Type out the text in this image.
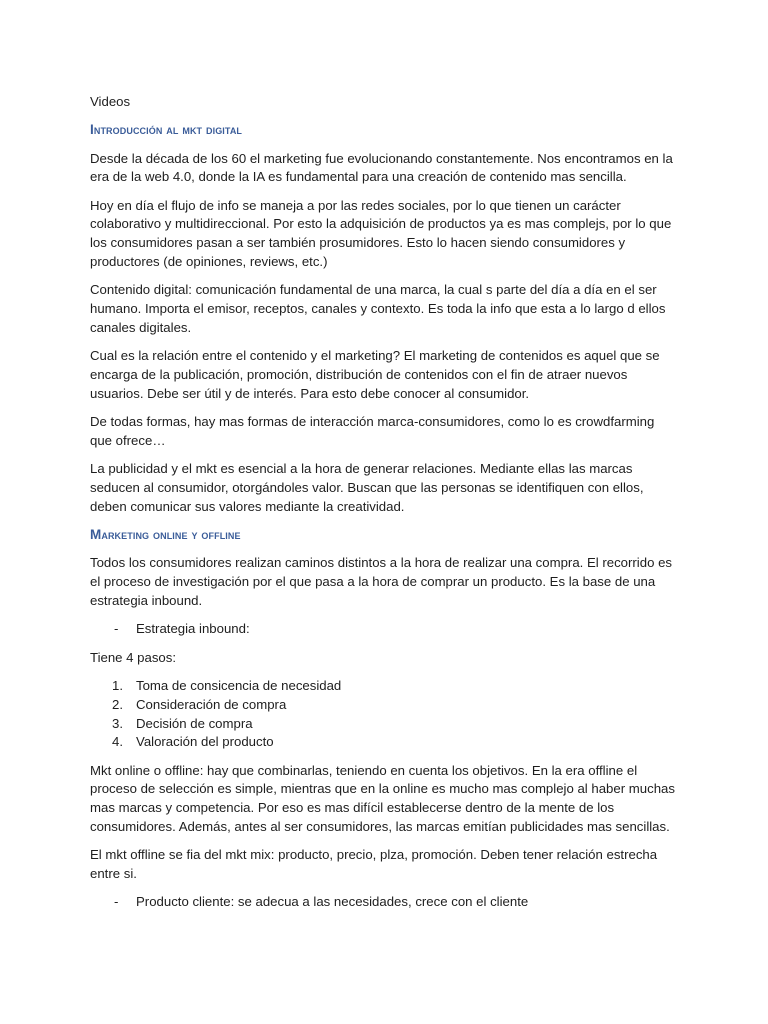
Videos

Introducción al mkt digital

Desde la década de los 60 el marketing fue evolucionando constantemente. Nos encontramos en la era de la web 4.0, donde la IA es fundamental para una creación de contenido mas sencilla.

Hoy en día el flujo de info se maneja a por las redes sociales, por lo que tienen un carácter colaborativo y multidireccional. Por esto la adquisición de productos ya es mas complejs, por lo que los consumidores pasan a ser también prosumidores. Esto lo hacen siendo consumidores y productores (de opiniones, reviews, etc.)

Contenido digital: comunicación fundamental de una marca, la cual s parte del día a día en el ser humano. Importa el emisor, receptos, canales y contexto. Es toda la info que esta a lo largo d ellos canales digitales.

Cual es la relación entre el contenido y el marketing? El marketing de contenidos es aquel que se encarga de la publicación, promoción, distribución de contenidos con el fin de atraer nuevos usuarios. Debe ser útil y de interés. Para esto debe conocer al consumidor.

De todas formas, hay mas formas de interacción marca-consumidores, como lo es crowdfarming que ofrece…

La publicidad y el mkt es esencial a la hora de generar relaciones. Mediante ellas las marcas seducen al consumidor, otorgándoles valor. Buscan que las personas se identifiquen con ellos, deben comunicar sus valores mediante la creatividad.

Marketing online y offline

Todos los consumidores realizan caminos distintos a la hora de realizar una compra. El recorrido es el proceso de investigación por el que pasa a la hora de comprar un producto. Es la base de una estrategia inbound.

- Estrategia inbound:

Tiene 4 pasos:

1. Toma de consicencia de necesidad
2. Consideración de compra
3. Decisión de compra
4. Valoración del producto

Mkt online o offline: hay que combinarlas, teniendo en cuenta los objetivos. En la era offline el proceso de selección es simple, mientras que en la online es mucho mas complejo al haber muchas mas marcas y competencia. Por eso es mas difícil establecerse dentro de la mente de los consumidores. Además, antes al ser consumidores, las marcas emitían publicidades mas sencillas.

El mkt offline se fia del mkt mix: producto, precio, plza, promoción. Deben tener relación estrecha entre si.

- Producto cliente: se adecua a las necesidades, crece con el cliente
